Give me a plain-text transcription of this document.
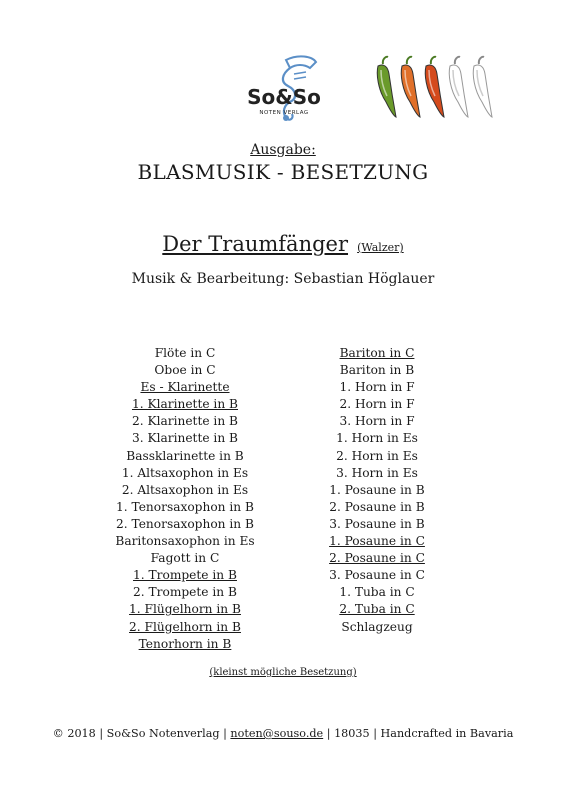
So&So
NOTEN VERLAG
Ausgabe:
BLASMUSIK - BESETZUNG
Der Traumfänger (Walzer)
Musik & Bearbeitung: Sebastian Höglauer
Flöte in C
Oboe in C
Es - Klarinette
1. Klarinette in B
2. Klarinette in B
3. Klarinette in B
Bassklarinette in B
1. Altsaxophon in Es
2. Altsaxophon in Es
1. Tenorsaxophon in B
2. Tenorsaxophon in B
Baritonsaxophon in Es
Fagott in C
1. Trompete in B
2. Trompete in B
1. Flügelhorn in B
2. Flügelhorn in B
Tenorhorn in B
Bariton in C
Bariton in B
1. Horn in F
2. Horn in F
3. Horn in F
1. Horn in Es
2. Horn in Es
3. Horn in Es
1. Posaune in B
2. Posaune in B
3. Posaune in B
1. Posaune in C
2. Posaune in C
3. Posaune in C
1. Tuba in C
2. Tuba in C
Schlagzeug
(kleinst mögliche Besetzung)
© 2018 | So&So Notenverlag | noten@souso.de | 18035 | Handcrafted in Bavaria
